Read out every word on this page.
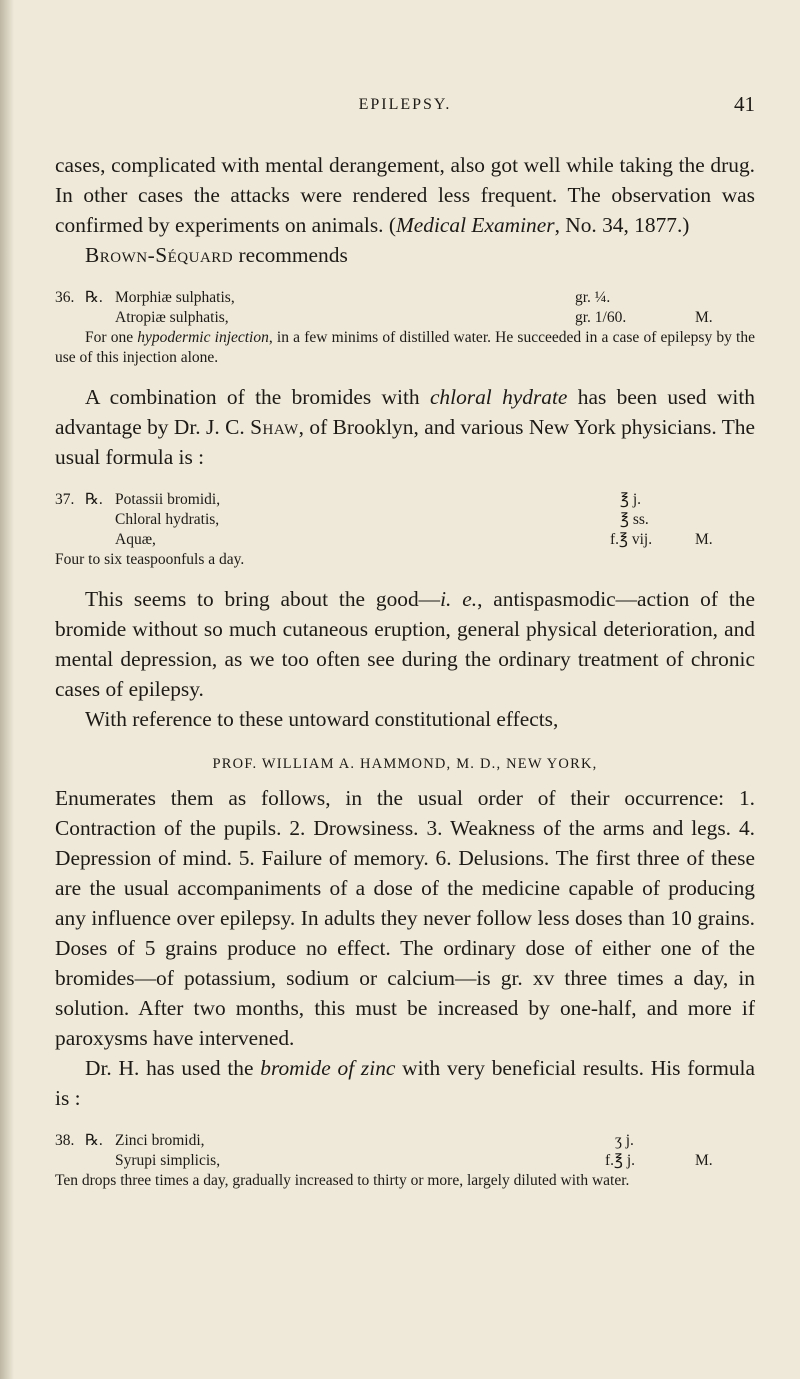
EPILEPSY.	41

cases, complicated with mental derangement, also got well while taking the drug. In other cases the attacks were rendered less frequent. The observation was confirmed by experiments on animals. (Medical Examiner, No. 34, 1877.)

Brown-Séquard recommends

36. ℞. Morphiæ sulphatis,	gr. ¼.
Atropiæ sulphatis,	gr. 1/60.	M.
For one hypodermic injection, in a few minims of distilled water. He succeeded in a case of epilepsy by the use of this injection alone.

A combination of the bromides with chloral hydrate has been used with advantage by Dr. J. C. Shaw, of Brooklyn, and various New York physicians. The usual formula is :

37. ℞. Potassii bromidi,	℥ j.
Chloral hydratis,	℥ ss.
Aquæ,	f.℥ vij.	M.
Four to six teaspoonfuls a day.

This seems to bring about the good—i. e., antispasmodic—action of the bromide without so much cutaneous eruption, general physical deterioration, and mental depression, as we too often see during the ordinary treatment of chronic cases of epilepsy.

With reference to these untoward constitutional effects,

PROF. WILLIAM A. HAMMOND, M. D., NEW YORK,

Enumerates them as follows, in the usual order of their occurrence: 1. Contraction of the pupils. 2. Drowsiness. 3. Weakness of the arms and legs. 4. Depression of mind. 5. Failure of memory. 6. Delusions. The first three of these are the usual accompaniments of a dose of the medicine capable of producing any influence over epilepsy. In adults they never follow less doses than 10 grains. Doses of 5 grains produce no effect. The ordinary dose of either one of the bromides—of potassium, sodium or calcium—is gr. xv three times a day, in solution. After two months, this must be increased by one-half, and more if paroxysms have intervened.

Dr. H. has used the bromide of zinc with very beneficial results. His formula is :

38. ℞. Zinci bromidi,	ʒ j.
Syrupi simplicis,	f.℥ j.	M.
Ten drops three times a day, gradually increased to thirty or more, largely diluted with water.
